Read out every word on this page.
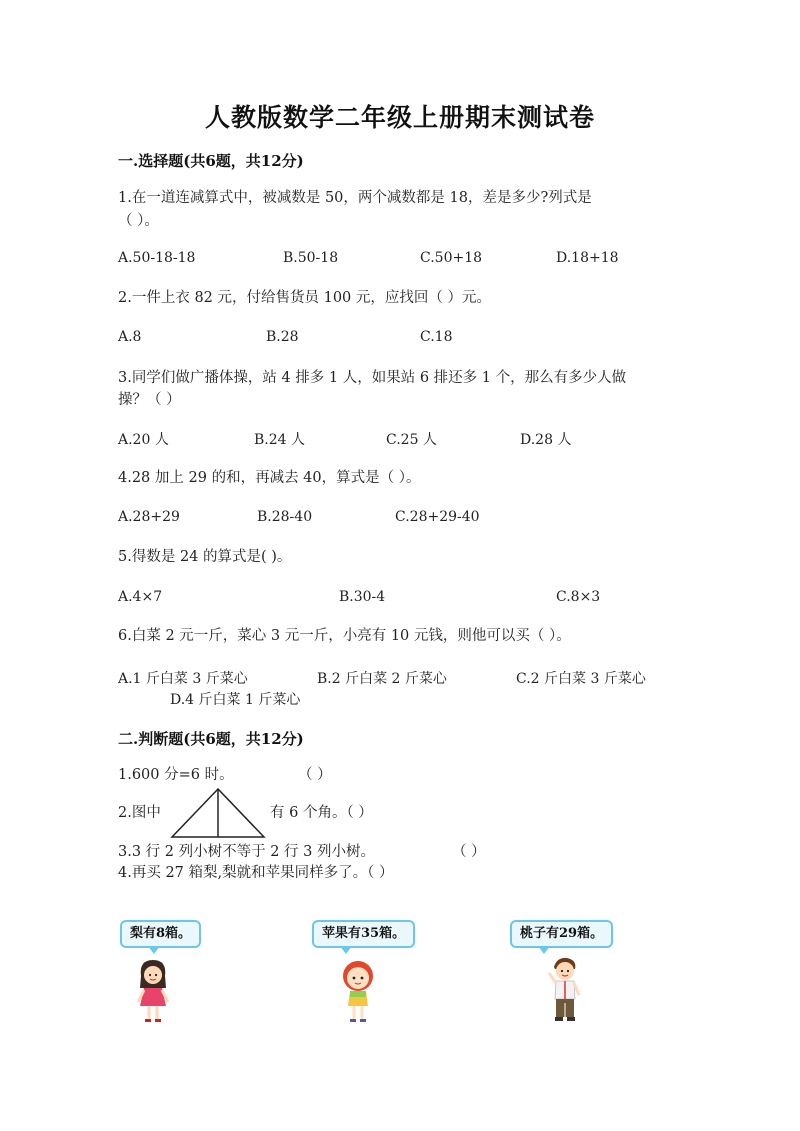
人教版数学二年级上册期末测试卷
一.选择题(共6题，共12分)
1.在一道连减算式中，被减数是 50，两个减数都是 18，差是多少?列式是
（ ）。
A.50-18-18	B.50-18	C.50+18	D.18+18
2.一件上衣 82 元，付给售货员 100 元，应找回（ ）元。
A.8	B.28	C.18
3.同学们做广播体操，站 4 排多 1 人，如果站 6 排还多 1 个，那么有多少人做
操？（ ）
A.20 人	B.24 人	C.25 人	D.28 人
4.28 加上 29 的和，再减去 40，算式是（ ）。
A.28+29	B.28-40	C.28+29-40
5.得数是 24 的算式是( )。
A.4×7	B.30-4	C.8×3
6.白菜 2 元一斤，菜心 3 元一斤，小亮有 10 元钱，则他可以买（ ）。
A.1 斤白菜 3 斤菜心	B.2 斤白菜 2 斤菜心	C.2 斤白菜 3 斤菜心
D.4 斤白菜 1 斤菜心
二.判断题(共6题，共12分)
1.600 分=6 时。	（ ）
2.图中	有 6 个角。（ ）
3.3 行 2 列小树不等于 2 行 3 列小树。	（ ）
4.再买 27 箱梨,梨就和苹果同样多了。（ ）
梨有8箱。	苹果有35箱。	桃子有29箱。
